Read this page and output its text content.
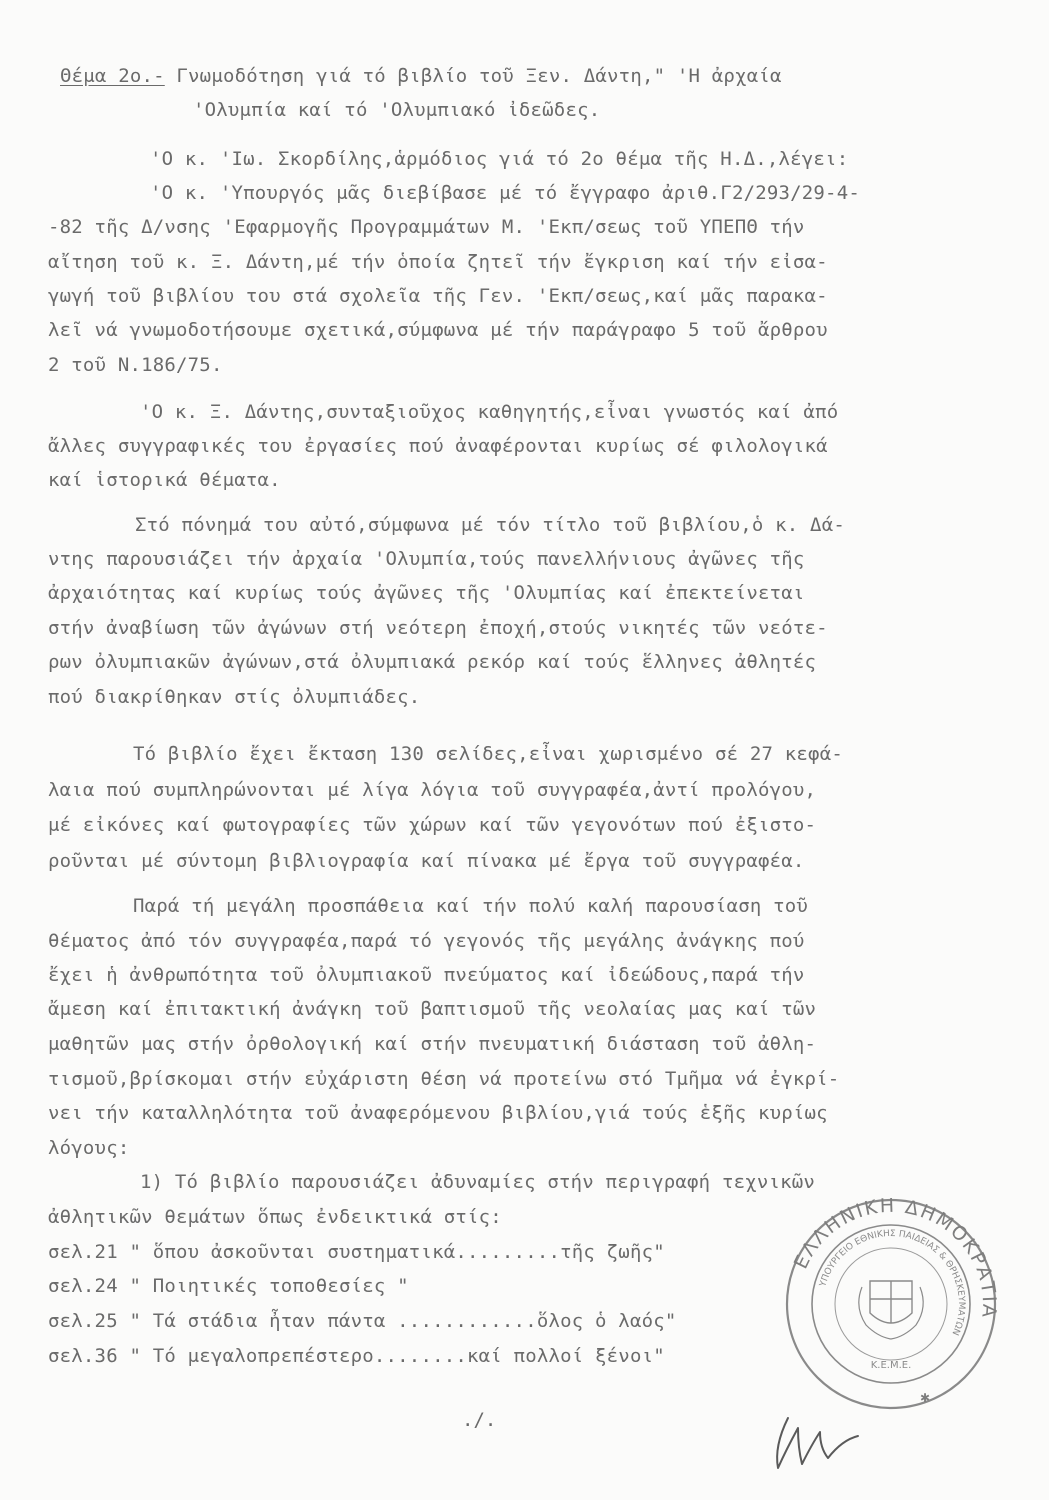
Θέμα 2ο.- Γνωμοδότηση γιά τό βιβλίο τοῦ Ξεν. Δάντη," 'Η ἀρχαία
'Ολυμπία καί τό 'Ολυμπιακό ἰδεῶδες.
'Ο κ. 'Ιω. Σκορδίλης,ἁρμόδιος γιά τό 2ο θέμα τῆς Η.Δ.,λέγει:
'Ο κ. 'Υπουργός μᾶς διεβίβασε μέ τό ἔγγραφο ἀριθ.Γ2/293/29-4-
-82 τῆς Δ/νσης 'Εφαρμογῆς Προγραμμάτων Μ. 'Εκπ/σεως τοῦ ΥΠΕΠΘ τήν
αἴτηση τοῦ κ. Ξ. Δάντη,μέ τήν ὁποία ζητεῖ τήν ἔγκριση καί τήν εἰσα-
γωγή τοῦ βιβλίου του στά σχολεῖα τῆς Γεν. 'Εκπ/σεως,καί μᾶς παρακα-
λεῖ νά γνωμοδοτήσουμε σχετικά,σύμφωνα μέ τήν παράγραφο 5 τοῦ ἄρθρου
2 τοῦ Ν.186/75.
'Ο κ. Ξ. Δάντης,συνταξιοῦχος καθηγητής,εἶναι γνωστός καί ἀπό
ἄλλες συγγραφικές του ἐργασίες πού ἀναφέρονται κυρίως σέ φιλολογικά
καί ἱστορικά θέματα.
Στό πόνημά του αὐτό,σύμφωνα μέ τόν τίτλο τοῦ βιβλίου,ὁ κ. Δά-
ντης παρουσιάζει τήν ἀρχαία 'Ολυμπία,τούς πανελλήνιους ἀγῶνες τῆς
ἀρχαιότητας καί κυρίως τούς ἀγῶνες τῆς 'Ολυμπίας καί ἐπεκτείνεται
στήν ἀναβίωση τῶν ἀγώνων στή νεότερη ἐποχή,στούς νικητές τῶν νεότε-
ρων ὀλυμπιακῶν ἀγώνων,στά ὀλυμπιακά ρεκόρ καί τούς ἕλληνες ἀθλητές
πού διακρίθηκαν στίς ὀλυμπιάδες.
Τό βιβλίο ἔχει ἔκταση 130 σελίδες,εἶναι χωρισμένο σέ 27 κεφά-
λαια πού συμπληρώνονται μέ λίγα λόγια τοῦ συγγραφέα,ἀντί προλόγου,
μέ εἰκόνες καί φωτογραφίες τῶν χώρων καί τῶν γεγονότων πού ἐξιστο-
ροῦνται μέ σύντομη βιβλιογραφία καί πίνακα μέ ἔργα τοῦ συγγραφέα.
Παρά τή μεγάλη προσπάθεια καί τήν πολύ καλή παρουσίαση τοῦ
θέματος ἀπό τόν συγγραφέα,παρά τό γεγονός τῆς μεγάλης ἀνάγκης πού
ἔχει ἡ ἀνθρωπότητα τοῦ ὀλυμπιακοῦ πνεύματος καί ἰδεώδους,παρά τήν
ἄμεση καί ἐπιτακτική ἀνάγκη τοῦ βαπτισμοῦ τῆς νεολαίας μας καί τῶν
μαθητῶν μας στήν ὀρθολογική καί στήν πνευματική διάσταση τοῦ ἀθλη-
τισμοῦ,βρίσκομαι στήν εὐχάριστη θέση νά προτείνω στό Τμῆμα νά ἐγκρί-
νει τήν καταλληλότητα τοῦ ἀναφερόμενου βιβλίου,γιά τούς ἑξῆς κυρίως
λόγους:
1) Τό βιβλίο παρουσιάζει ἀδυναμίες στήν περιγραφή τεχνικῶν
ἀθλητικῶν θεμάτων ὅπως ἐνδεικτικά στίς:
σελ.21 " ὅπου ἀσκοῦνται συστηματικά.........τῆς ζωῆς"
σελ.24 " Ποιητικές τοποθεσίες "
σελ.25 " Τά στάδια ἦταν πάντα ............ὅλος ὁ λαός"
σελ.36 " Τό μεγαλοπρεπέστερο........καί πολλοί ξένοι"
ΕΛΛΗΝΙΚΗ ΔΗΜΟΚΡΑΤΙΑ
ΥΠΟΥΡΓΕΙΟ ΕΘΝΙΚΗΣ ΠΑΙΔΕΙΑΣ & ΘΡΗΣΚΕΥΜΑΤΩΝ
Κ.Ε.Μ.Ε.
✱
./.
